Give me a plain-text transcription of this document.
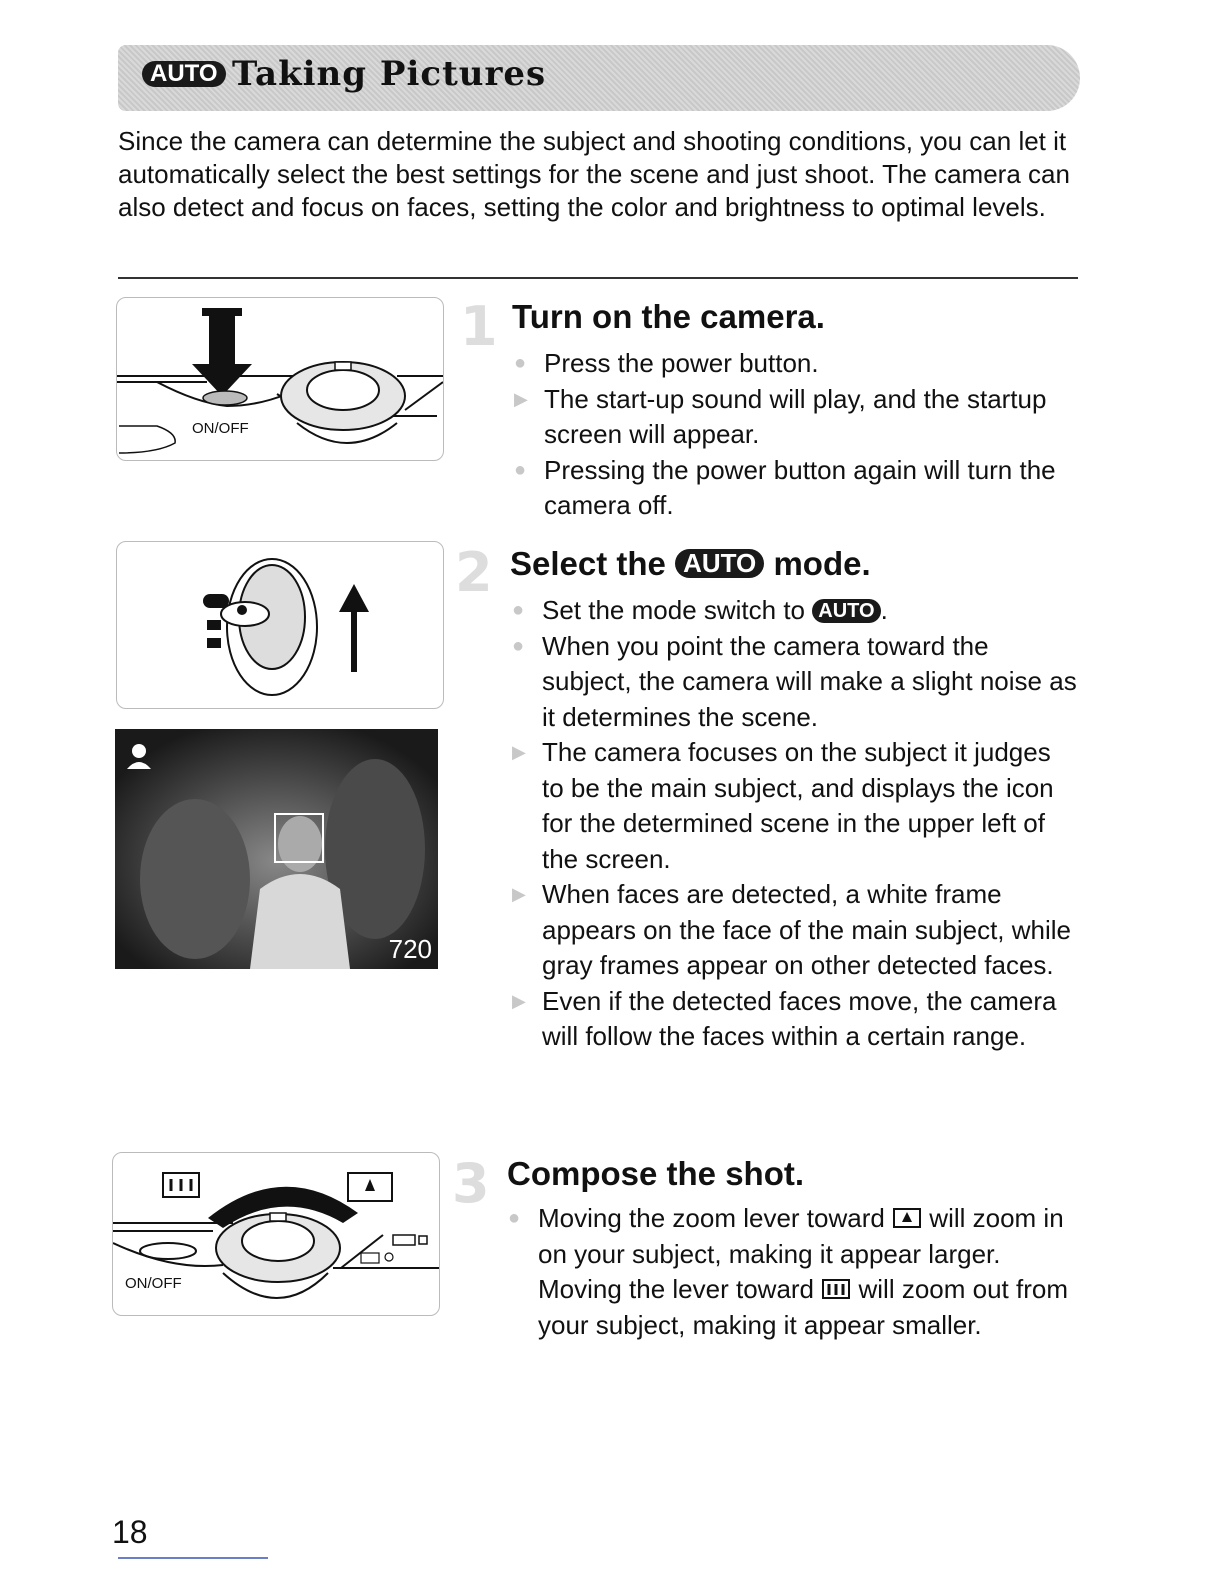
AUTO Taking Pictures

Since the camera can determine the subject and shooting conditions, you can let it automatically select the best settings for the scene and just shoot. The camera can also detect and focus on faces, setting the color and brightness to optimal levels.

ON/OFF
1 Turn on the camera.
● Press the power button.
▶ The start-up sound will play, and the startup screen will appear.
● Pressing the power button again will turn the camera off.
720
2 Select the AUTO mode.
● Set the mode switch to AUTO .
● When you point the camera toward the subject, the camera will make a slight noise as it determines the scene.
▶ The camera focuses on the subject it judges to be the main subject, and displays the icon for the determined scene in the upper left of the screen.
▶ When faces are detected, a white frame appears on the face of the main subject, while gray frames appear on other detected faces.
▶ Even if the detected faces move, the camera will follow the faces within a certain range.
ON/OFF
3 Compose the shot.
● Moving the zoom lever toward will zoom in on your subject, making it appear larger. Moving the lever toward will zoom out from your subject, making it appear smaller.

18
